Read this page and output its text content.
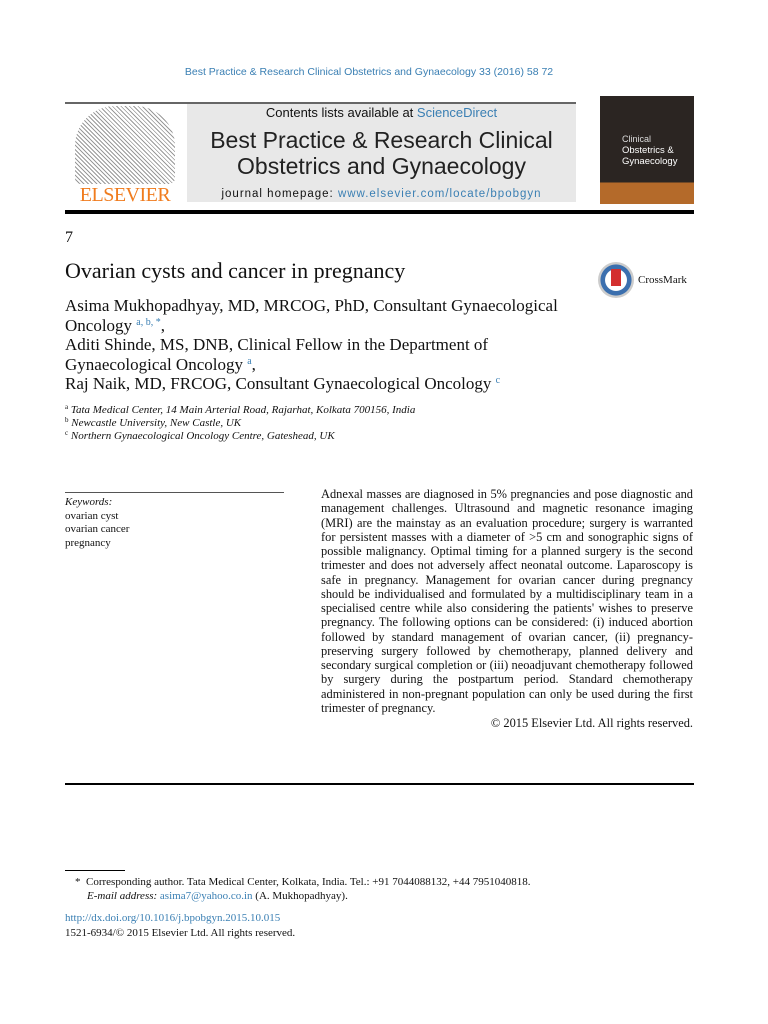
Best Practice & Research Clinical Obstetrics and Gynaecology 33 (2016) 58 72
ELSEVIER
Contents lists available at ScienceDirect
Best Practice & Research Clinical
Obstetrics and Gynaecology
journal homepage: www.elsevier.com/locate/bpobgyn
Clinical
Obstetrics &
Gynaecology
7
Ovarian cysts and cancer in pregnancy	CrossMark
Asima Mukhopadhyay, MD, MRCOG, PhD, Consultant Gynaecological Oncology $^{a, b, *}$,
Aditi Shinde, MS, DNB, Clinical Fellow in the Department of Gynaecological Oncology $^a$,
Raj Naik, MD, FRCOG, Consultant Gynaecological Oncology $^c$
$^a$ Tata Medical Center, 14 Main Arterial Road, Rajarhat, Kolkata 700156, India
$^b$ Newcastle University, New Castle, UK
$^c$ Northern Gynaecological Oncology Centre, Gateshead, UK
Keywords:
ovarian cyst
ovarian cancer
pregnancy
Adnexal masses are diagnosed in 5% pregnancies and pose diagnostic and management challenges. Ultrasound and magnetic resonance imaging (MRI) are the mainstay as an evaluation procedure; surgery is warranted for persistent masses with a diameter of >5 cm and sonographic signs of possible malignancy. Optimal timing for a planned surgery is the second trimester and does not adversely affect neonatal outcome. Laparoscopy is safe in pregnancy. Management for ovarian cancer during pregnancy should be individualised and formulated by a multidisciplinary team in a specialised centre while also considering the patients' wishes to preserve pregnancy. The following options can be considered: (i) induced abortion followed by standard management of ovarian cancer, (ii) pregnancy-preserving surgery followed by chemotherapy, planned delivery and secondary surgical completion or (iii) neoadjuvant chemotherapy followed by surgery during the postpartum period. Standard chemotherapy administered in non-pregnant population can only be used during the first trimester of pregnancy.
© 2015 Elsevier Ltd. All rights reserved.
* Corresponding author. Tata Medical Center, Kolkata, India. Tel.: +91 7044088132, +44 7951040818.
E-mail address: asima7@yahoo.co.in (A. Mukhopadhyay).
http://dx.doi.org/10.1016/j.bpobgyn.2015.10.015
1521-6934/© 2015 Elsevier Ltd. All rights reserved.
